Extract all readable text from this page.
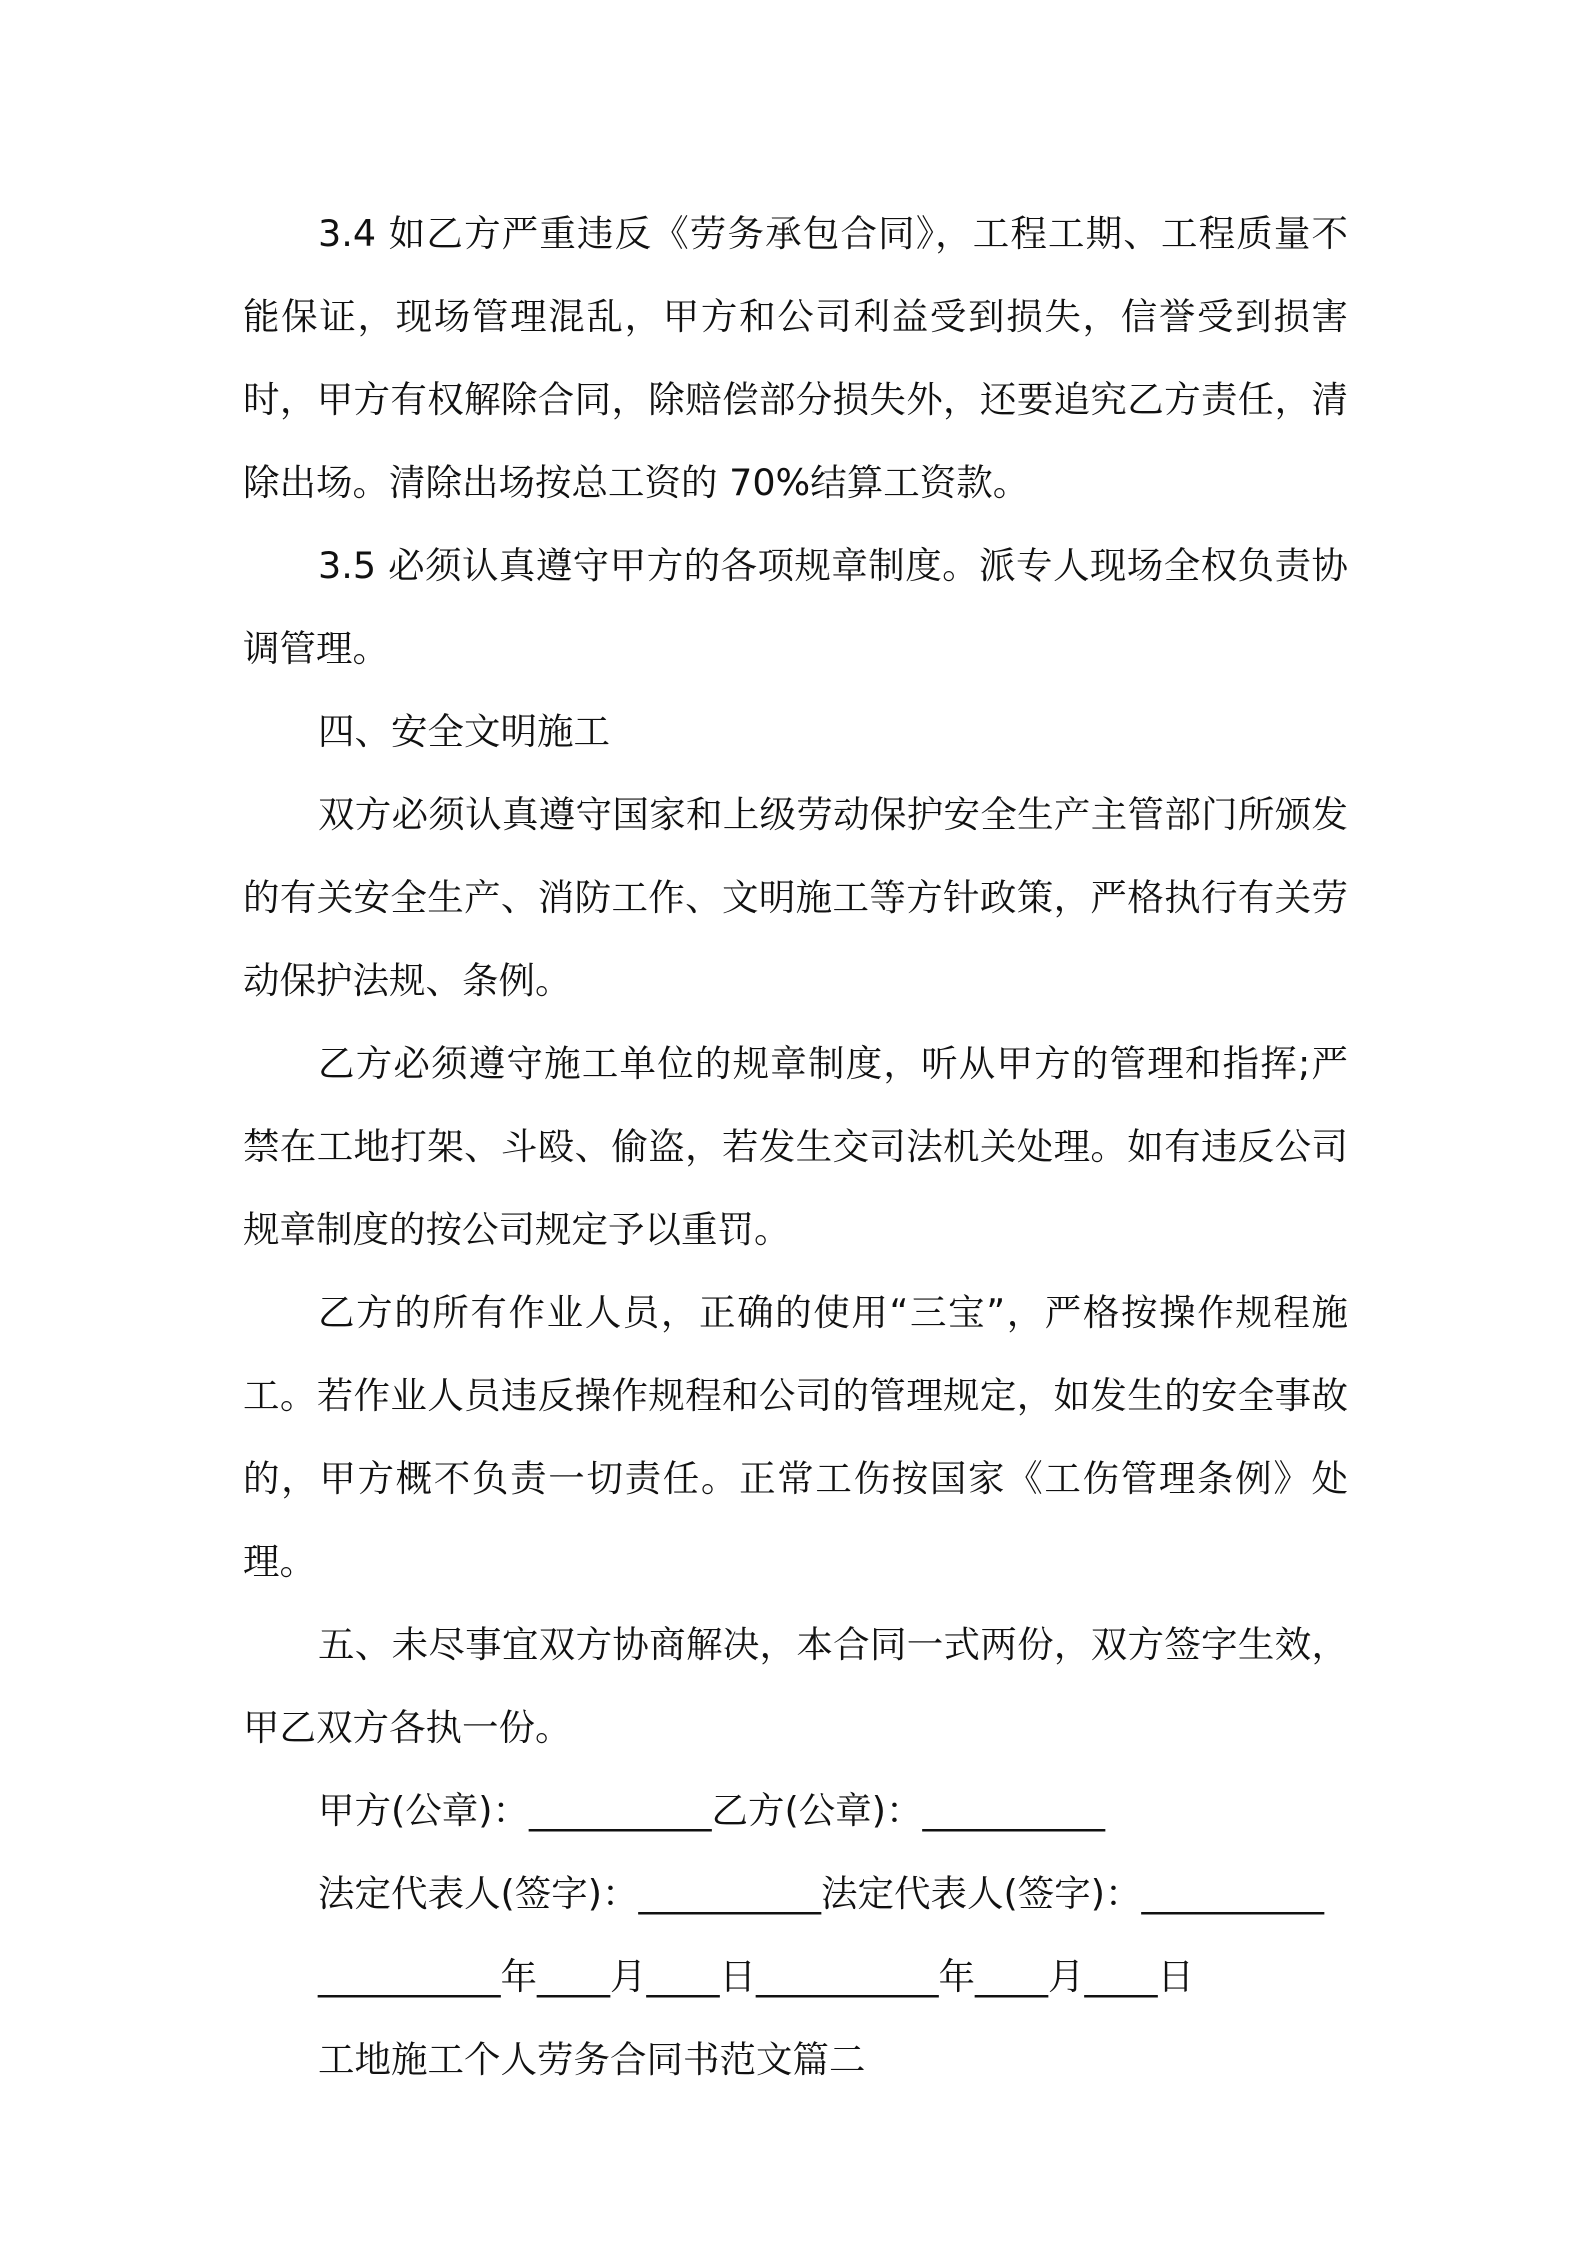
3.4 如乙方严重违反《劳务承包合同》，工程工期、工程质量不能保证，现场管理混乱，甲方和公司利益受到损失，信誉受到损害时，甲方有权解除合同，除赔偿部分损失外，还要追究乙方责任，清除出场。清除出场按总工资的 70%结算工资款。

3.5 必须认真遵守甲方的各项规章制度。派专人现场全权负责协调管理。

四、安全文明施工

双方必须认真遵守国家和上级劳动保护安全生产主管部门所颁发的有关安全生产、消防工作、文明施工等方针政策，严格执行有关劳动保护法规、条例。

乙方必须遵守施工单位的规章制度，听从甲方的管理和指挥;严禁在工地打架、斗殴、偷盗，若发生交司法机关处理。如有违反公司规章制度的按公司规定予以重罚。

乙方的所有作业人员，正确的使用“三宝”，严格按操作规程施工。若作业人员违反操作规程和公司的管理规定，如发生的安全事故的，甲方概不负责一切责任。正常工伤按国家《工伤管理条例》处理。

五、未尽事宜双方协商解决，本合同一式两份，双方签字生效，甲乙双方各执一份。

甲方(公章)：__________乙方(公章)：__________

法定代表人(签字)：__________法定代表人(签字)：__________

__________年____月____日__________年____月____日

工地施工个人劳务合同书范文篇二
